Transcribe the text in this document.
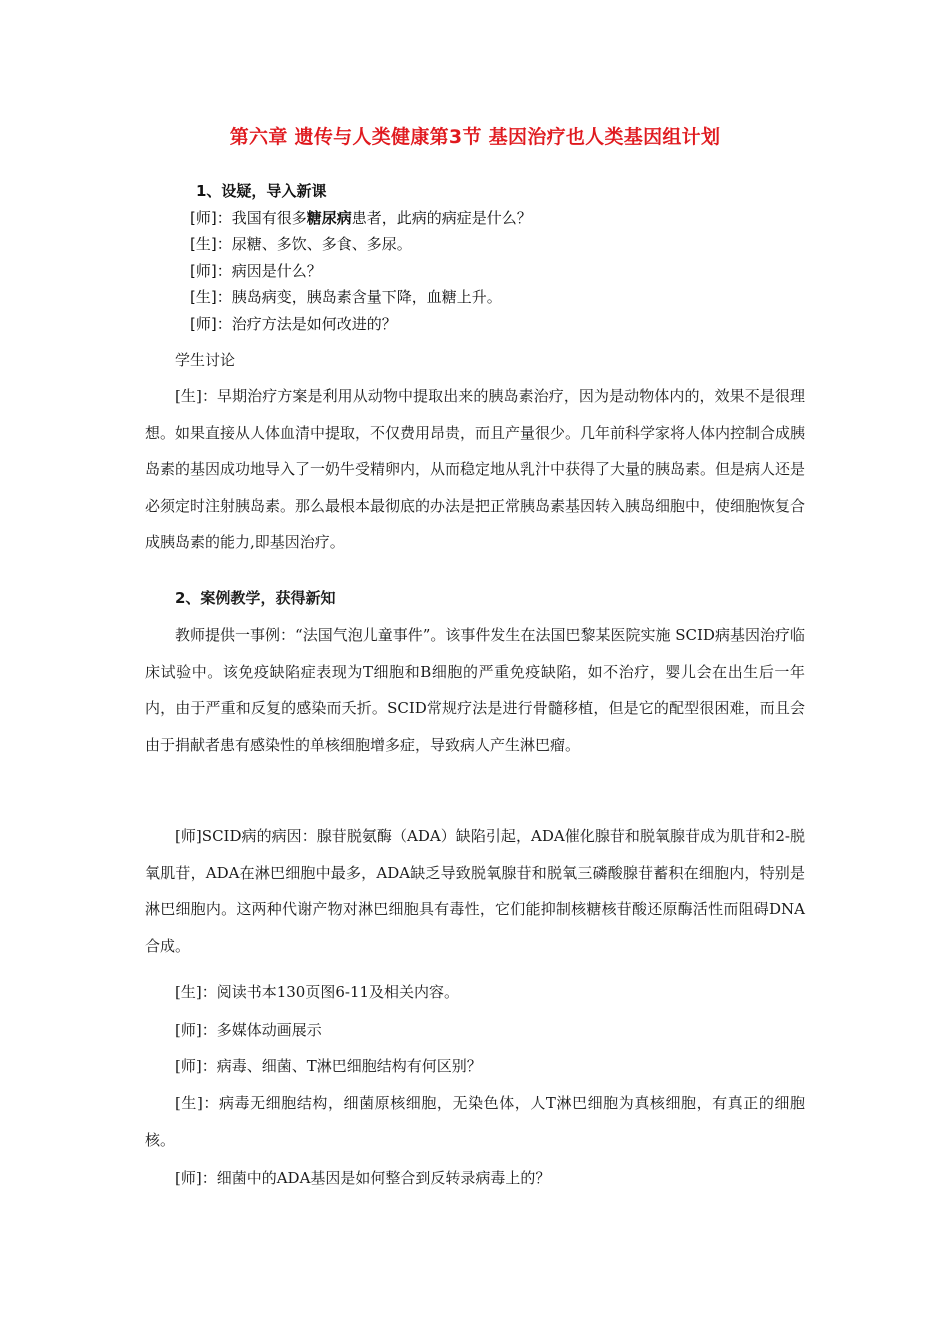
第六章 遗传与人类健康第3节 基因治疗也人类基因组计划
1、设疑，导入新课
[师]：我国有很多糖尿病患者，此病的病症是什么？
[生]：尿糖、多饮、多食、多尿。
[师]：病因是什么？
[生]：胰岛病变，胰岛素含量下降，血糖上升。
[师]：治疗方法是如何改进的？
学生讨论
[生]：早期治疗方案是利用从动物中提取出来的胰岛素治疗，因为是动物体内的，效果不是很理想。如果直接从人体血清中提取，不仅费用昂贵，而且产量很少。几年前科学家将人体内控制合成胰岛素的基因成功地导入了一奶牛受精卵内，从而稳定地从乳汁中获得了大量的胰岛素。但是病人还是必须定时注射胰岛素。那么最根本最彻底的办法是把正常胰岛素基因转入胰岛细胞中，使细胞恢复合成胰岛素的能力,即基因治疗。
2、案例教学，获得新知
教师提供一事例：“法国气泡儿童事件”。该事件发生在法国巴黎某医院实施 SCID病基因治疗临床试验中。该免疫缺陷症表现为T细胞和B细胞的严重免疫缺陷，如不治疗，婴儿会在出生后一年内，由于严重和反复的感染而夭折。SCID常规疗法是进行骨髓移植，但是它的配型很困难，而且会由于捐献者患有感染性的单核细胞增多症，导致病人产生淋巴瘤。
[师]SCID病的病因：腺苷脱氨酶（ADA）缺陷引起，ADA催化腺苷和脱氧腺苷成为肌苷和2-脱氧肌苷，ADA在淋巴细胞中最多，ADA缺乏导致脱氧腺苷和脱氧三磷酸腺苷蓄积在细胞内，特别是淋巴细胞内。这两种代谢产物对淋巴细胞具有毒性，它们能抑制核糖核苷酸还原酶活性而阻碍DNA合成。
[生]：阅读书本130页图6-11及相关内容。
[师]：多媒体动画展示
[师]：病毒、细菌、T淋巴细胞结构有何区别？
[生]：病毒无细胞结构，细菌原核细胞，无染色体，人T淋巴细胞为真核细胞，有真正的细胞核。
[师]：细菌中的ADA基因是如何整合到反转录病毒上的？
